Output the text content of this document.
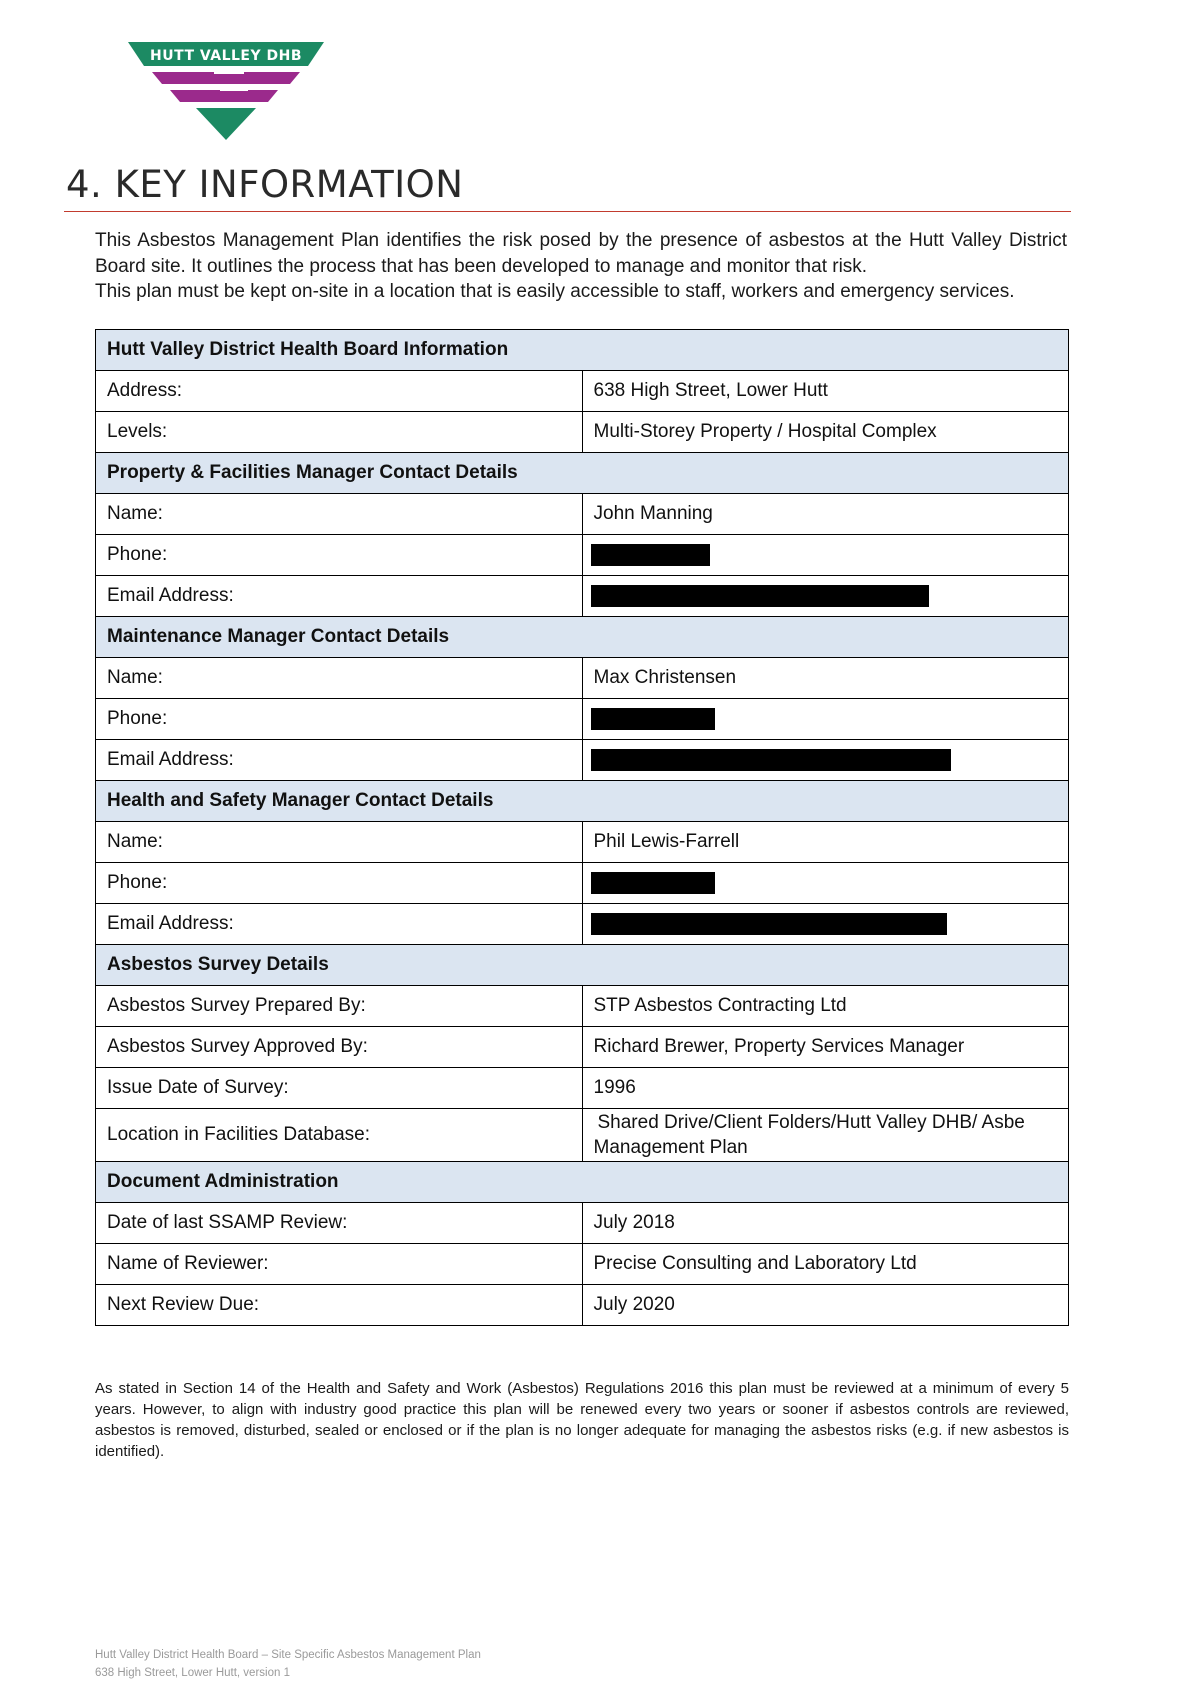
HUTT VALLEY DHB
4. KEY INFORMATION

This Asbestos Management Plan identifies the risk posed by the presence of asbestos at the Hutt Valley District Board site. It outlines the process that has been developed to manage and monitor that risk.

This plan must be kept on-site in a location that is easily accessible to staff, workers and emergency services.

Hutt Valley District Health Board Information	
Address:	638 High Street, Lower Hutt
Levels:	Multi-Storey Property / Hospital Complex
Property & Facilities Manager Contact Details	
Name:	John Manning
Phone:	
Email Address:	
Maintenance Manager Contact Details	
Name:	Max Christensen
Phone:	
Email Address:	
Health and Safety Manager Contact Details	
Name:	Phil Lewis-Farrell
Phone:	
Email Address:	
Asbestos Survey Details	
Asbestos Survey Prepared By:	STP Asbestos Contracting Ltd
Asbestos Survey Approved By:	Richard Brewer, Property Services Manager
Issue Date of Survey:	1996
Location in Facilities Database:	Shared Drive/Client Folders/Hutt Valley DHB/ Asbe
Management Plan

Document Administration	
Date of last SSAMP Review:	July 2018
Name of Reviewer:	Precise Consulting and Laboratory Ltd
Next Review Due:	July 2020

As stated in Section 14 of the Health and Safety and Work (Asbestos) Regulations 2016 this plan must be reviewed at a minimum of every 5 years. However, to align with industry good practice this plan will be renewed every two years or sooner if asbestos controls are reviewed, asbestos is removed, disturbed, sealed or enclosed or if the plan is no longer adequate for managing the asbestos risks (e.g. if new asbestos is identified).

Hutt Valley District Health Board – Site Specific Asbestos Management Plan
638 High Street, Lower Hutt, version 1
